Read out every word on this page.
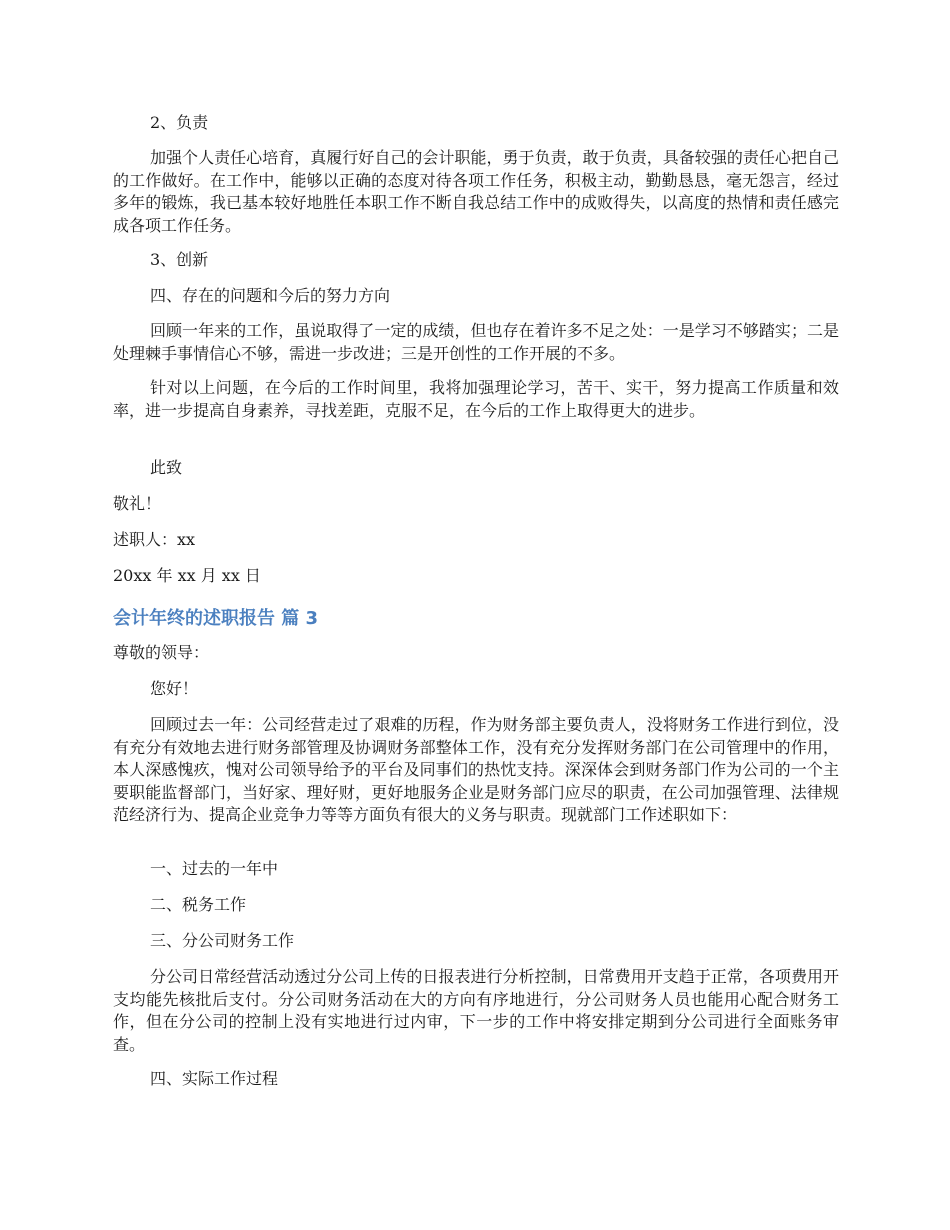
2、负责
加强个人责任心培育，真履行好自己的会计职能，勇于负责，敢于负责，具备较强的责任心把自己的工作做好。在工作中，能够以正确的态度对待各项工作任务，积极主动，勤勤恳恳，毫无怨言，经过多年的锻炼，我已基本较好地胜任本职工作不断自我总结工作中的成败得失，以高度的热情和责任感完成各项工作任务。
3、创新
四、存在的问题和今后的努力方向
回顾一年来的工作，虽说取得了一定的成绩，但也存在着许多不足之处：一是学习不够踏实；二是处理棘手事情信心不够，需进一步改进；三是开创性的工作开展的不多。
针对以上问题，在今后的工作时间里，我将加强理论学习，苦干、实干，努力提高工作质量和效率，进一步提高自身素养，寻找差距，克服不足，在今后的工作上取得更大的进步。
此致
敬礼！
述职人：xx
20xx 年 xx 月 xx 日
会计年终的述职报告 篇 3
尊敬的领导：
您好！
回顾过去一年：公司经营走过了艰难的历程，作为财务部主要负责人，没将财务工作进行到位，没有充分有效地去进行财务部管理及协调财务部整体工作，没有充分发挥财务部门在公司管理中的作用，本人深感愧疚，愧对公司领导给予的平台及同事们的热忱支持。深深体会到财务部门作为公司的一个主要职能监督部门，当好家、理好财，更好地服务企业是财务部门应尽的职责，在公司加强管理、法律规范经济行为、提高企业竞争力等等方面负有很大的义务与职责。现就部门工作述职如下：
一、过去的一年中
二、税务工作
三、分公司财务工作
分公司日常经营活动透过分公司上传的日报表进行分析控制，日常费用开支趋于正常，各项费用开支均能先核批后支付。分公司财务活动在大的方向有序地进行，分公司财务人员也能用心配合财务工作，但在分公司的控制上没有实地进行过内审，下一步的工作中将安排定期到分公司进行全面账务审查。
四、实际工作过程
